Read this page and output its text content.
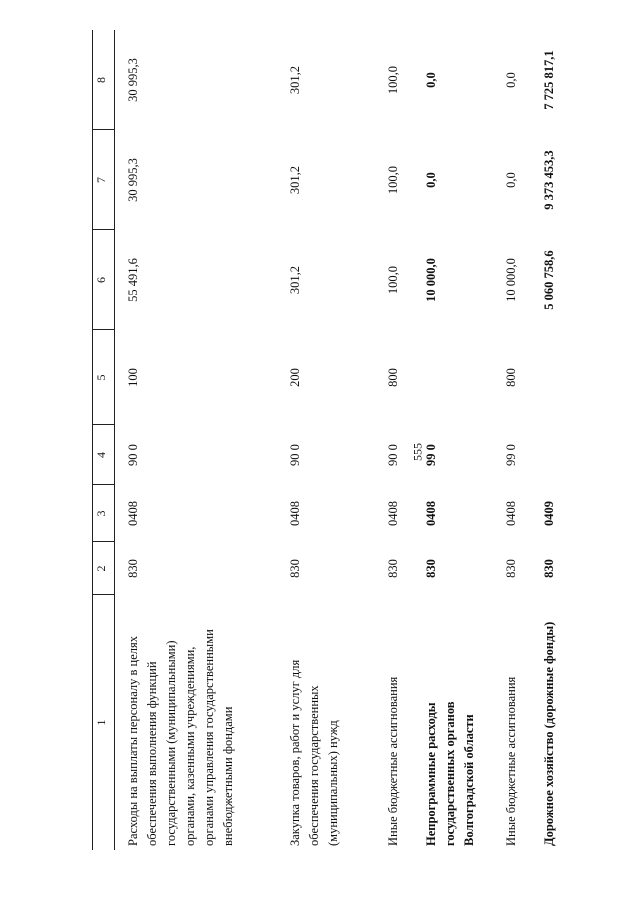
555
1
2
3
4
5
6
7
8
Расходы на выплаты персоналу в целях обеспечения выполнения функций государственными (муниципальными) органами, казенными учреждениями, органами управления государственными внебюджетными фондами
830
0408
90 0
100
55 491,6
30 995,3
30 995,3
Закупка товаров, работ и услуг для обеспечения государственных (муниципальных) нужд
830
0408
90 0
200
301,2
301,2
301,2
Иные бюджетные ассигнования
830
0408
90 0
800
100,0
100,0
100,0
Непрограммные расходы государственных органов Волгоградской области
830
0408
99 0
10 000,0
0,0
0,0
Иные бюджетные ассигнования
830
0408
99 0
800
10 000,0
0,0
0,0
Дорожное хозяйство (дорожные фонды)
830
0409
5 060 758,6
9 373 453,3
7 725 817,1
